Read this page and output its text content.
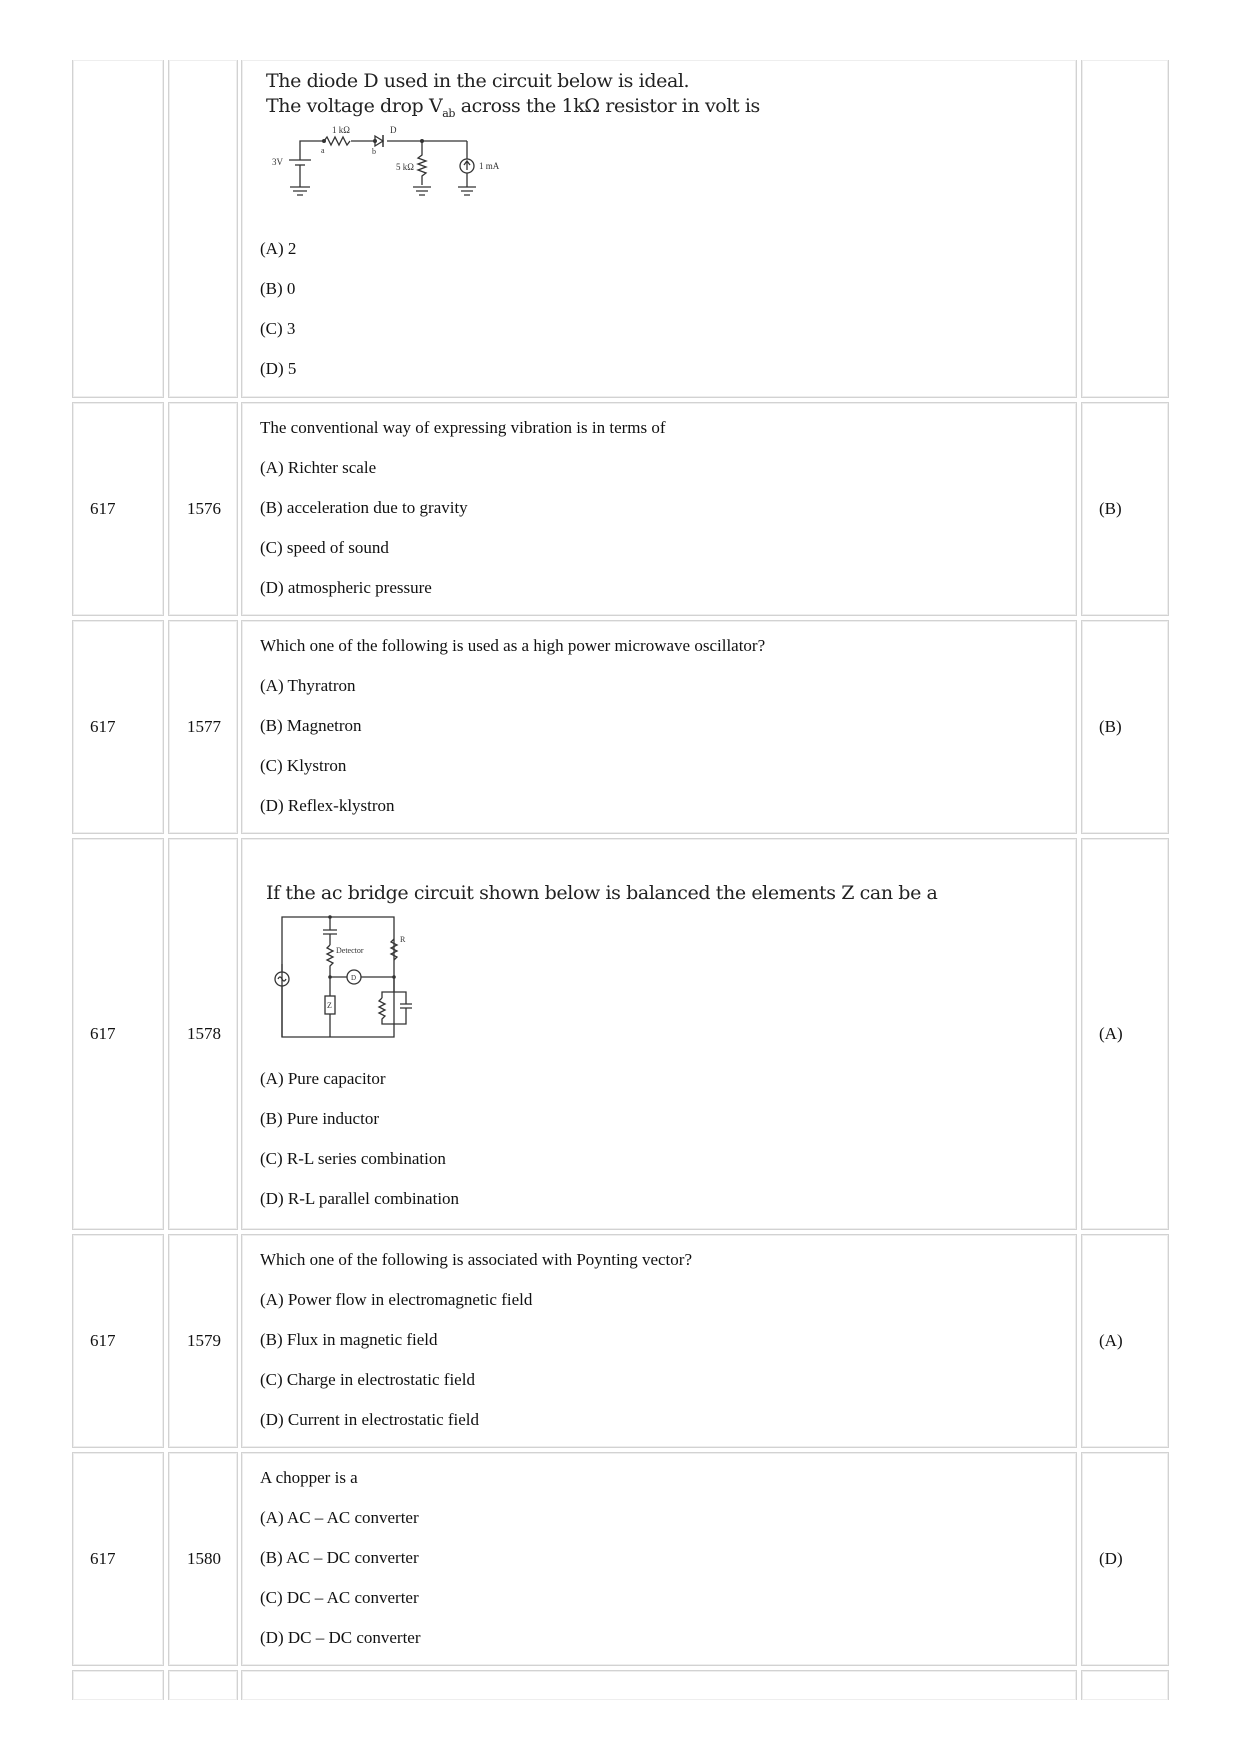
The diode D used in the circuit below is ideal.
The voltage drop $V_{ab}$ across the 1kΩ resistor in volt is
1 kΩ	D
a	b
3V	5 kΩ	1 mA
(A) 2
(B) 0
(C) 3
(D) 5
617	1576
The conventional way of expressing vibration is in terms of
(A) Richter scale
(B) acceleration due to gravity
(C) speed of sound
(D) atmospheric pressure
(B)
617	1577
Which one of the following is used as a high power microwave oscillator?
(A) Thyratron
(B) Magnetron
(C) Klystron
(D) Reflex-klystron
(B)
617	1578
If the ac bridge circuit shown below is balanced the elements Z can be a
Detector
D
R
Z
(A) Pure capacitor
(B) Pure inductor
(C) R-L series combination
(D) R-L parallel combination
(A)
617	1579
Which one of the following is associated with Poynting vector?
(A) Power flow in electromagnetic field
(B) Flux in magnetic field
(C) Charge in electrostatic field
(D) Current in electrostatic field
(A)
617	1580
A chopper is a
(A) AC – AC converter
(B) AC – DC converter
(C) DC – AC converter
(D) DC – DC converter
(D)
